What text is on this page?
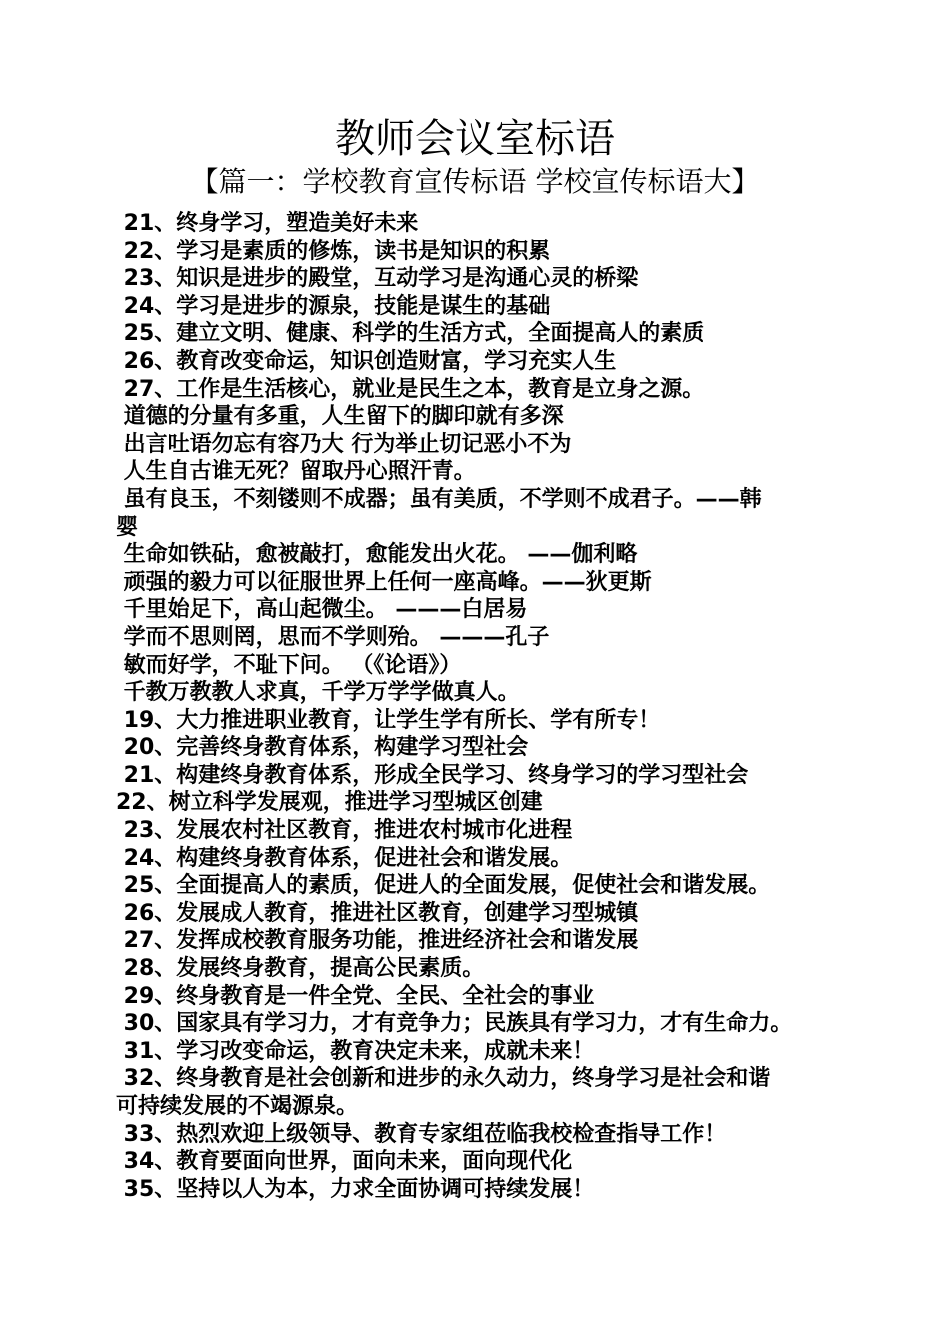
教师会议室标语
【篇一：学校教育宣传标语 学校宣传标语大】
21、终身学习，塑造美好未来
22、学习是素质的修炼，读书是知识的积累
23、知识是进步的殿堂，互动学习是沟通心灵的桥梁
24、学习是进步的源泉，技能是谋生的基础
25、建立文明、健康、科学的生活方式，全面提高人的素质
26、教育改变命运，知识创造财富，学习充实人生
27、工作是生活核心，就业是民生之本，教育是立身之源。
道德的分量有多重，人生留下的脚印就有多深
出言吐语勿忘有容乃大 行为举止切记恶小不为
人生自古谁无死？留取丹心照汗青。
虽有良玉，不刻镂则不成器；虽有美质，不学则不成君子。——韩
婴
生命如铁砧，愈被敲打，愈能发出火花。 ——伽利略
顽强的毅力可以征服世界上任何一座高峰。——狄更斯
千里始足下，高山起微尘。 ———白居易
学而不思则罔，思而不学则殆。 ———孔子
敏而好学，不耻下问。 （《论语》）
千教万教教人求真，千学万学学做真人。
19、大力推进职业教育，让学生学有所长、学有所专！
20、完善终身教育体系，构建学习型社会
21、构建终身教育体系，形成全民学习、终身学习的学习型社会
22、树立科学发展观，推进学习型城区创建
23、发展农村社区教育，推进农村城市化进程
24、构建终身教育体系，促进社会和谐发展。
25、全面提高人的素质，促进人的全面发展，促使社会和谐发展。
26、发展成人教育，推进社区教育，创建学习型城镇
27、发挥成校教育服务功能，推进经济社会和谐发展
28、发展终身教育，提高公民素质。
29、终身教育是一件全党、全民、全社会的事业
30、国家具有学习力，才有竞争力；民族具有学习力，才有生命力。
31、学习改变命运，教育决定未来，成就未来！
32、终身教育是社会创新和进步的永久动力，终身学习是社会和谐
可持续发展的不竭源泉。
33、热烈欢迎上级领导、教育专家组莅临我校检查指导工作！
34、教育要面向世界，面向未来，面向现代化
35、坚持以人为本，力求全面协调可持续发展！
